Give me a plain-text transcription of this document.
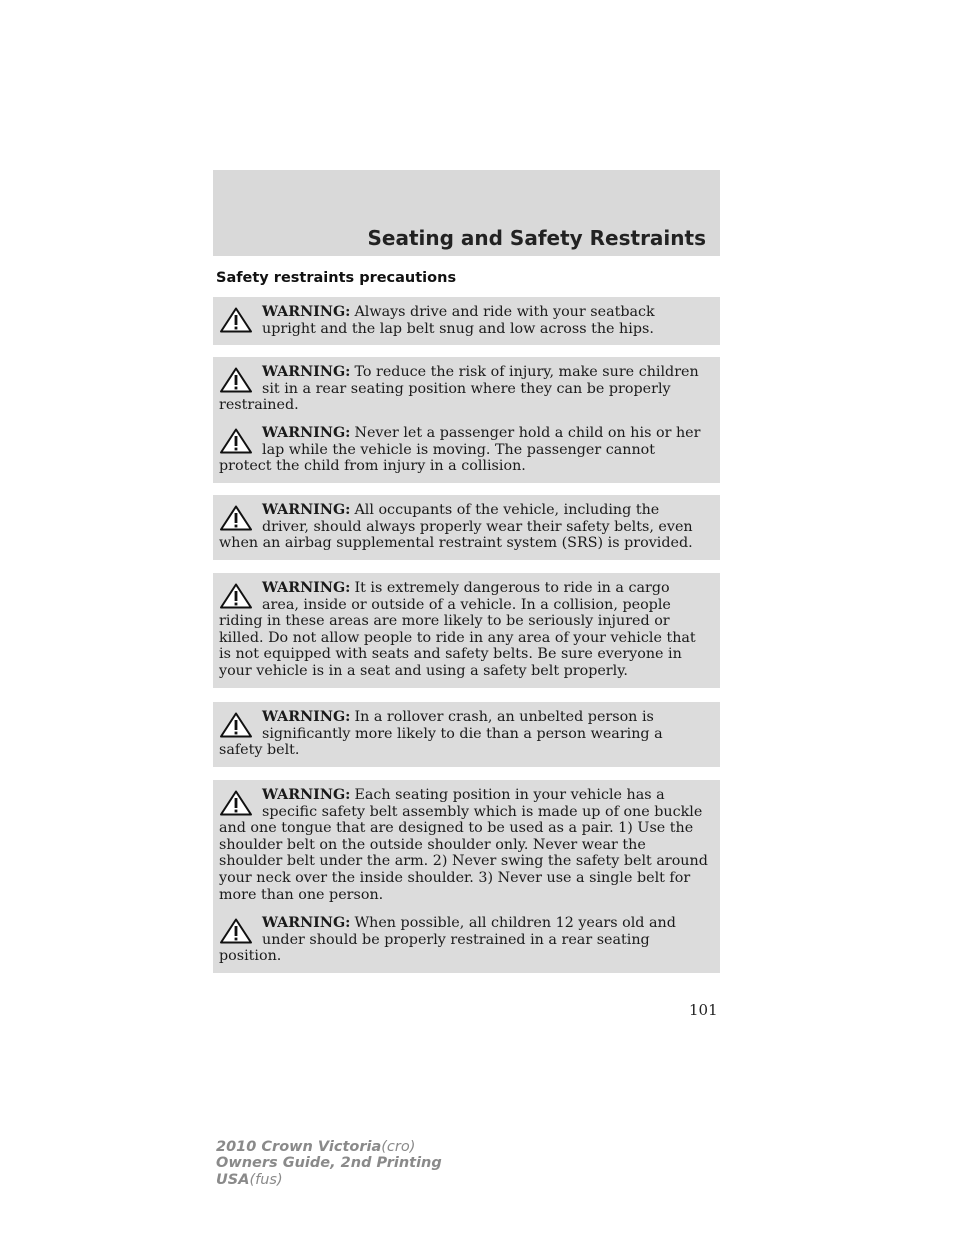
Seating and Safety Restraints
Safety restraints precautions
WARNING: Always drive and ride with your seatback upright and the lap belt snug and low across the hips.
WARNING: To reduce the risk of injury, make sure children sit in a rear seating position where they can be properly restrained.
WARNING: Never let a passenger hold a child on his or her lap while the vehicle is moving. The passenger cannot protect the child from injury in a collision.
WARNING: All occupants of the vehicle, including the driver, should always properly wear their safety belts, even when an airbag supplemental restraint system (SRS) is provided.
WARNING: It is extremely dangerous to ride in a cargo area, inside or outside of a vehicle. In a collision, people riding in these areas are more likely to be seriously injured or killed. Do not allow people to ride in any area of your vehicle that is not equipped with seats and safety belts. Be sure everyone in your vehicle is in a seat and using a safety belt properly.
WARNING: In a rollover crash, an unbelted person is significantly more likely to die than a person wearing a safety belt.
WARNING: Each seating position in your vehicle has a specific safety belt assembly which is made up of one buckle and one tongue that are designed to be used as a pair. 1) Use the shoulder belt on the outside shoulder only. Never wear the shoulder belt under the arm. 2) Never swing the safety belt around your neck over the inside shoulder. 3) Never use a single belt for more than one person.
WARNING: When possible, all children 12 years old and under should be properly restrained in a rear seating position.
101
2010 Crown Victoria(cro)
Owners Guide, 2nd Printing
USA(fus)
